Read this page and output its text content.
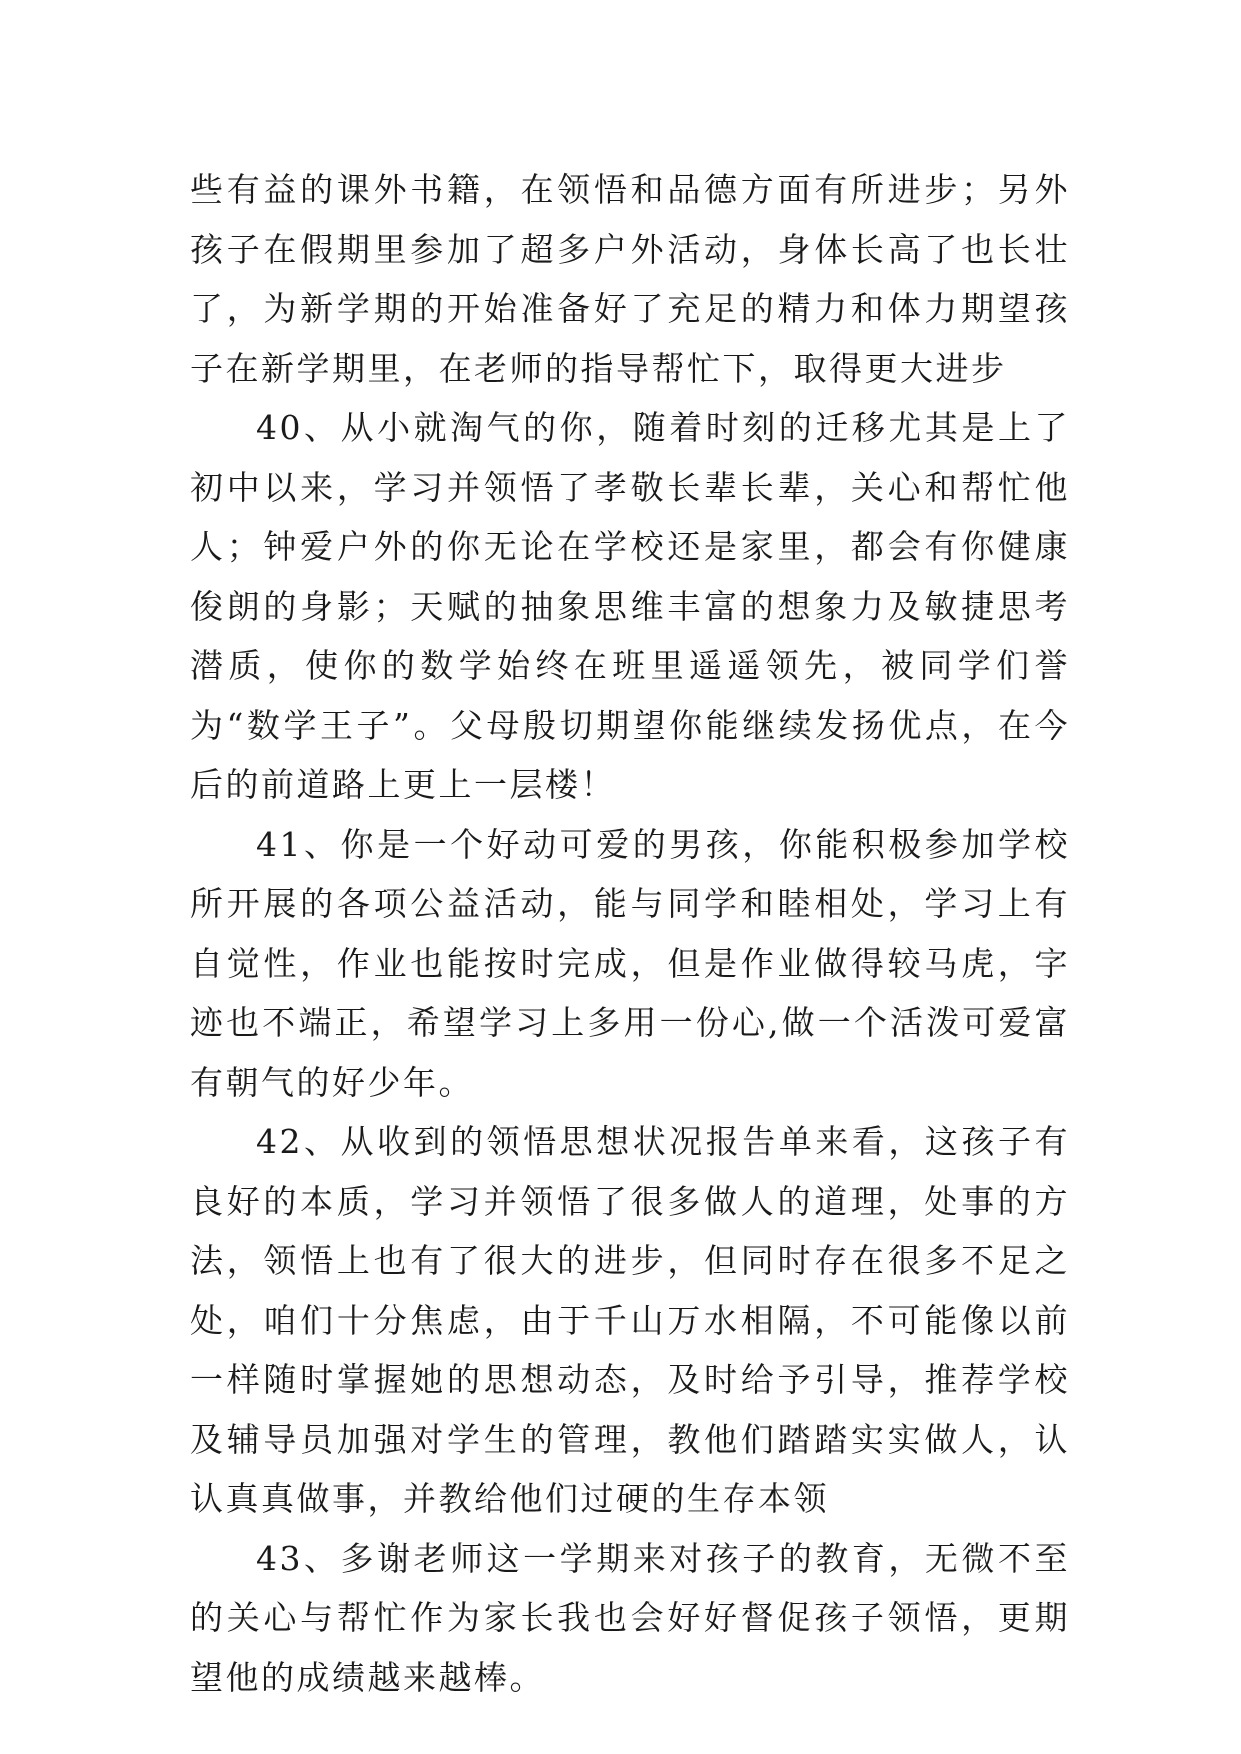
些有益的课外书籍，在领悟和品德方面有所进步；另外孩子在假期里参加了超多户外活动，身体长高了也长壮了，为新学期的开始准备好了充足的精力和体力期望孩子在新学期里，在老师的指导帮忙下，取得更大进步

40、从小就淘气的你，随着时刻的迁移尤其是上了初中以来，学习并领悟了孝敬长辈长辈，关心和帮忙他人；钟爱户外的你无论在学校还是家里，都会有你健康俊朗的身影；天赋的抽象思维丰富的想象力及敏捷思考潜质，使你的数学始终在班里遥遥领先，被同学们誉为“数学王子”。父母殷切期望你能继续发扬优点，在今后的前道路上更上一层楼！

41、你是一个好动可爱的男孩，你能积极参加学校所开展的各项公益活动，能与同学和睦相处，学习上有自觉性，作业也能按时完成，但是作业做得较马虎，字迹也不端正，希望学习上多用一份心,做一个活泼可爱富有朝气的好少年。

42、从收到的领悟思想状况报告单来看，这孩子有良好的本质，学习并领悟了很多做人的道理，处事的方法，领悟上也有了很大的进步，但同时存在很多不足之处，咱们十分焦虑，由于千山万水相隔，不可能像以前一样随时掌握她的思想动态，及时给予引导，推荐学校及辅导员加强对学生的管理，教他们踏踏实实做人，认认真真做事，并教给他们过硬的生存本领

43、多谢老师这一学期来对孩子的教育，无微不至的关心与帮忙作为家长我也会好好督促孩子领悟，更期望他的成绩越来越棒。
